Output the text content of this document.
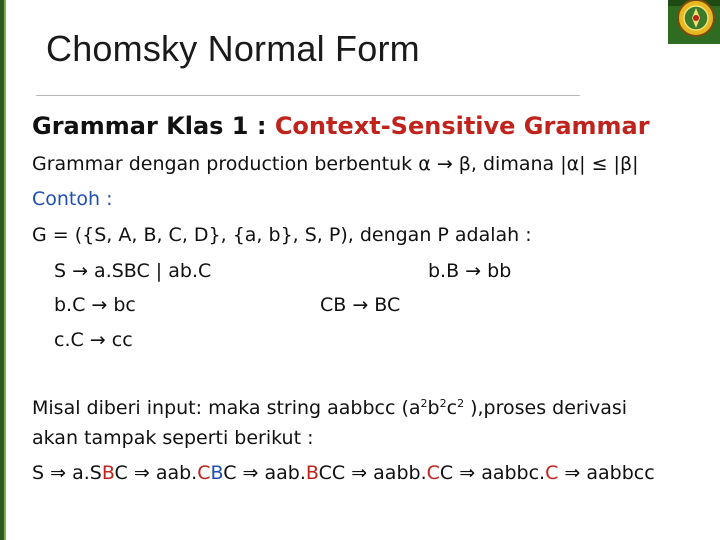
Chomsky Normal Form
Grammar Klas 1 : Context-Sensitive Grammar
Grammar dengan production berbentuk α → β, dimana |α| ≤ |β|
Contoh :
G = ({S, A, B, C, D}, {a, b}, S, P), dengan P adalah :
S → a.SBC | ab.C	b.B → bb
b.C → bc	CB → BC
c.C → cc
Misal diberi input: maka string aabbcc ($a^2b^2c^2$ ),proses derivasi
akan tampak seperti berikut :
S ⇒ a.SBC ⇒ aab.CBC ⇒ aab.BCC ⇒ aabb.CC ⇒ aabbc.C ⇒ aabbcc
